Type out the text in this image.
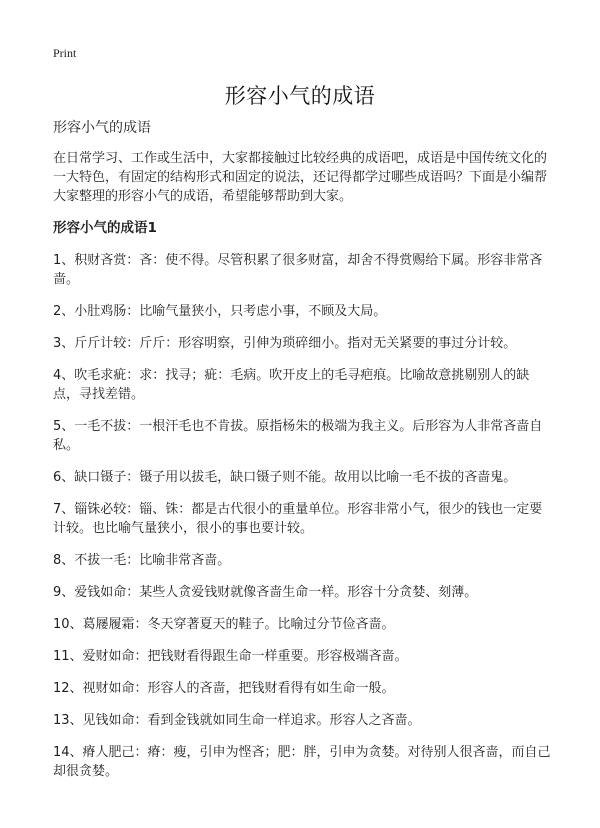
Print
形容小气的成语

形容小气的成语

在日常学习、工作或生活中，大家都接触过比较经典的成语吧，成语是中国传统文化的一大特色，有固定的结构形式和固定的说法，还记得都学过哪些成语吗？下面是小编帮大家整理的形容小气的成语，希望能够帮助到大家。

形容小气的成语1
1、积财吝赏：吝：使不得。尽管积累了很多财富，却舍不得赏赐给下属。形容非常吝啬。
2、小肚鸡肠：比喻气量狭小，只考虑小事，不顾及大局。
3、斤斤计较：斤斤：形容明察，引伸为琐碎细小。指对无关紧要的事过分计较。
4、吹毛求疵：求：找寻；疵：毛病。吹开皮上的毛寻疤痕。比喻故意挑剔别人的缺点，寻找差错。
5、一毛不拔：一根汗毛也不肯拔。原指杨朱的极端为我主义。后形容为人非常吝啬自私。
6、缺口镊子：镊子用以拔毛，缺口镊子则不能。故用以比喻一毛不拔的吝啬鬼。
7、锱铢必较：锱、铢：都是古代很小的重量单位。形容非常小气，很少的钱也一定要计较。也比喻气量狭小，很小的事也要计较。
8、不拔一毛：比喻非常吝啬。
9、爱钱如命：某些人贪爱钱财就像吝啬生命一样。形容十分贪婪、刻薄。
10、葛屦履霜：冬天穿著夏天的鞋子。比喻过分节俭吝啬。
11、爱财如命：把钱财看得跟生命一样重要。形容极端吝啬。
12、视财如命：形容人的吝啬，把钱财看得有如生命一般。
13、见钱如命：看到金钱就如同生命一样追求。形容人之吝啬。
14、瘠人肥己：瘠：瘦，引申为悭吝；肥：胖，引申为贪婪。对待别人很吝啬，而自己却很贪婪。
